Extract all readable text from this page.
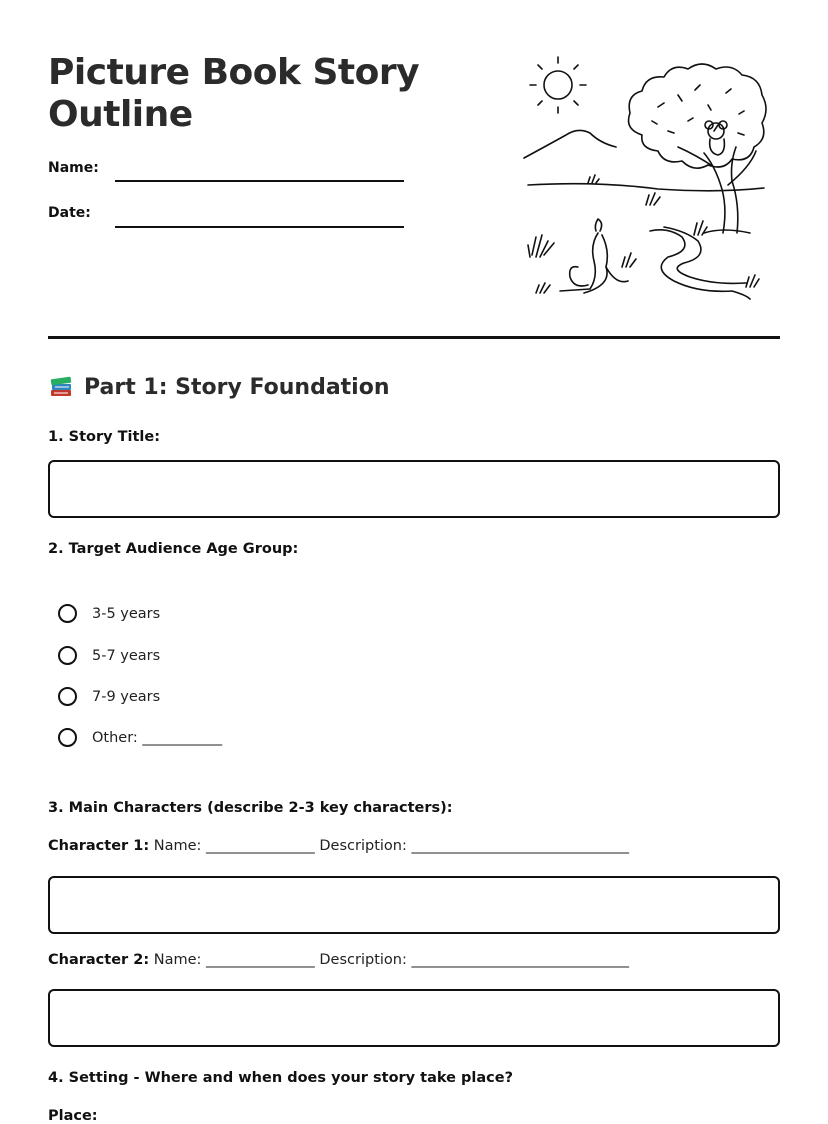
Picture Book Story Outline
Name:
Date:
Part 1: Story Foundation
1. Story Title:
2. Target Audience Age Group:
3-5 years
5-7 years
7-9 years
Other: ___________
3. Main Characters (describe 2-3 key characters):
Character 1: Name: _______________ Description: ______________________________
Character 2: Name: _______________ Description: ______________________________
4. Setting - Where and when does your story take place?
Place:
